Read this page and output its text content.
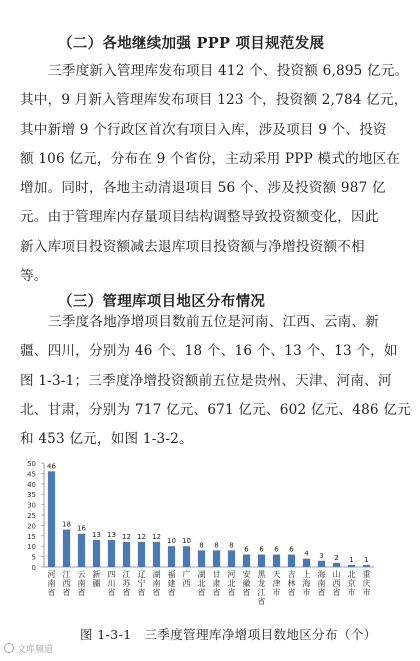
（二）各地继续加强 PPP 项目规范发展
三季度新入管理库发布项目 412 个、投资额 6,895 亿元。
其中，9 月新入管理库发布项目 123 个，投资额 2,784 亿元，
其中新增 9 个行政区首次有项目入库，涉及项目 9 个、投资
额 106 亿元，分布在 9 个省份，主动采用 PPP 模式的地区在
增加。同时，各地主动清退项目 56 个、涉及投资额 987 亿
元。由于管理库内存量项目结构调整导致投资额变化，因此
新入库项目投资额减去退库项目投资额与净增投资额不相
等。
（三）管理库项目地区分布情况
三季度各地净增项目数前五位是河南、江西、云南、新
疆、四川，分别为 46 个、18 个、16 个、13 个、13 个，如
图 1-3-1；三季度净增投资额前五位是贵州、天津、河南、河
北、甘肃，分别为 717 亿元、671 亿元、602 亿元、486 亿元
和 453 亿元，如图 1-3-2。
0
5
10
15
20
25
30
35
40
45
50 46
河南省
18
江西省
16
云南省
13
新疆
13
四川省
12
江苏省
12
辽宁省
12
湖南省
10
福建省
10
广西
8
湖北省
8
甘肃省
8
河北省
6
安徽省
6
黑龙江省
6
天津市
6
吉林省
4
上海市
3
海南省
2
山西省
1
北京市
1
重庆市
图 1-3-1　三季度管理库净增项目数地区分布（个）
文库频道
